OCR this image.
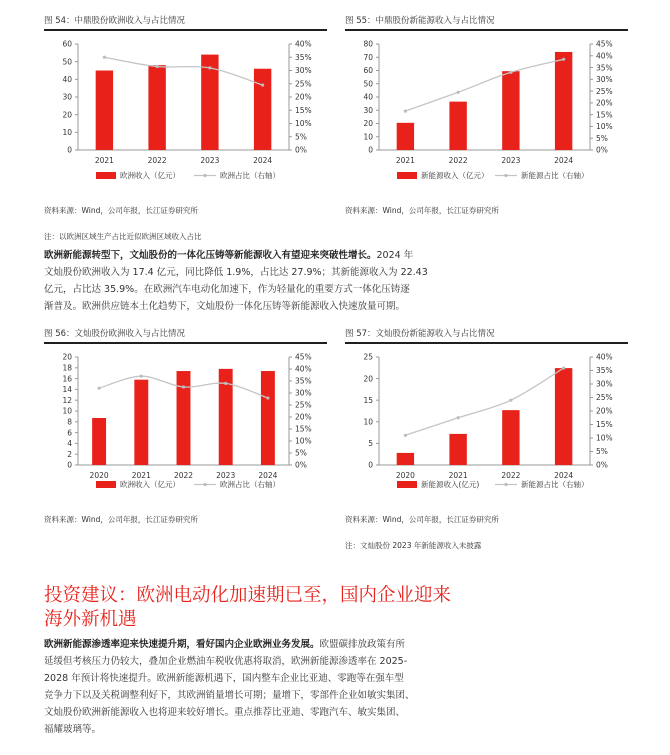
图 54：中鼎股份欧洲收入与占比情况
0
10
20
30
40
50
60
0%
5%
10%
15%
20%
25%
30%
35%
40%
2021	2022	2023	2024
欧洲收入（亿元）	欧洲占比（右轴）
资料来源：Wind，公司年报，长江证券研究所
注：以欧洲区域生产占比近似欧洲区域收入占比
图 55：中鼎股份新能源收入与占比情况
0
10
20
30
40
50
60
70
80
0%
5%
10%
15%
20%
25%
30%
35%
40%
45%
2021	2022	2023	2024
新能源收入（亿元）	新能源占比（右轴）
资料来源：Wind，公司年报，长江证券研究所
欧洲新能源转型下，文灿股份的一体化压铸等新能源收入有望迎来突破性增长。2024 年
文灿股份欧洲收入为 17.4 亿元，同比降低 1.9%，占比达 27.9%；其新能源收入为 22.43
亿元，占比达 35.9%。在欧洲汽车电动化加速下，作为轻量化的重要方式一体化压铸逐
渐普及。欧洲供应链本土化趋势下，文灿股份一体化压铸等新能源收入快速放量可期。
图 56：文灿股份欧洲收入与占比情况
0
2
4
6
8
10
12
14
16
18
20
0%
5%
10%
15%
20%
25%
30%
35%
40%
45%
2020	2021	2022	2023	2024
欧洲收入（亿元）	欧洲占比（右轴）
资料来源：Wind，公司年报，长江证券研究所
图 57：文灿股份新能源收入与占比情况
0
5
10
15
20
25
0%
5%
10%
15%
20%
25%
30%
35%
40%
2020	2021	2022	2024
新能源收入(亿元)	新能源占比（右轴）
资料来源：Wind，公司年报，长江证券研究所
注：文灿股份 2023 年新能源收入未披露
投资建议：欧洲电动化加速期已至，国内企业迎来海外新机遇
欧洲新能源渗透率迎来快速提升期，看好国内企业欧洲业务发展。欧盟碳排放政策有所
延缓但考核压力仍较大，叠加企业燃油车税收优惠将取消，欧洲新能源渗透率在 2025-
2028 年预计将快速提升。欧洲新能源机遇下，国内整车企业比亚迪、零跑等在强车型
竞争力下以及关税调整利好下，其欧洲销量增长可期；量增下，零部件企业如敏实集团、
文灿股份欧洲新能源收入也将迎来较好增长。重点推荐比亚迪、零跑汽车、敏实集团、
福耀玻璃等。
